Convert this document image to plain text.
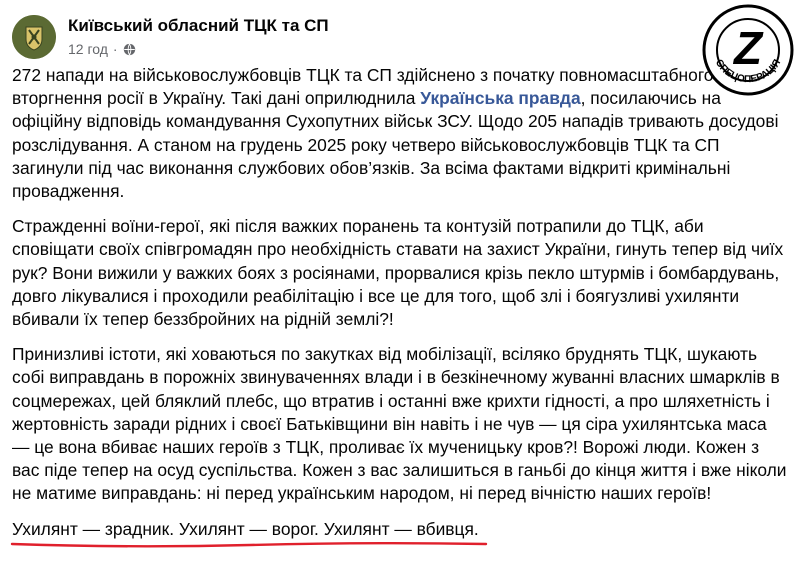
Київський обласний ТЦК та СП
12 год ·	Z
СПЕЦОПЕРАЦІЯ

272 напади на військовослужбовців ТЦК та СП здійснено з початку повномасштабного вторгнення росії в Україну. Такі дані оприлюднила Українська правда, посилаючись на офіційну відповідь командування Сухопутних військ ЗСУ. Щодо 205 нападів тривають досудові розслідування. А станом на грудень 2025 року четверо військовослужбовців ТЦК та СП загинули під час виконання службових обов’язків. За всіма фактами відкриті кримінальні провадження.

Стражденні воїни-герої, які після важких поранень та контузій потрапили до ТЦК, аби сповіщати своїх співгромадян про необхідність ставати на захист України, гинуть тепер від чиїх рук? Вони вижили у важких боях з росіянами, прорвалися крізь пекло штурмів і бомбардувань, довго лікувалися і проходили реабілітацію і все це для того, щоб злі і боягузливі ухилянти вбивали їх тепер беззбройних на рідній землі?!

Принизливі істоти, які ховаються по закутках від мобілізації, всіляко бруднять ТЦК, шукають собі виправдань в порожніх звинуваченнях влади і в безкінечному жуванні власних шмарклів в соцмережах, цей бляклий плебс, що втратив і останні вже крихти гідності, а про шляхетність і жертовність заради рідних і своєї Батьківщини він навіть і не чув — ця сіра ухилянтська маса — це вона вбиває наших героїв з ТЦК, проливає їх мученицьку кров?! Ворожі люди. Кожен з вас піде тепер на осуд суспільства. Кожен з вас залишиться в ганьбі до кінця життя і вже ніколи не матиме виправдань: ні перед українським народом, ні перед вічністю наших героїв!

Ухилянт — зрадник. Ухилянт — ворог. Ухилянт — вбивця.
